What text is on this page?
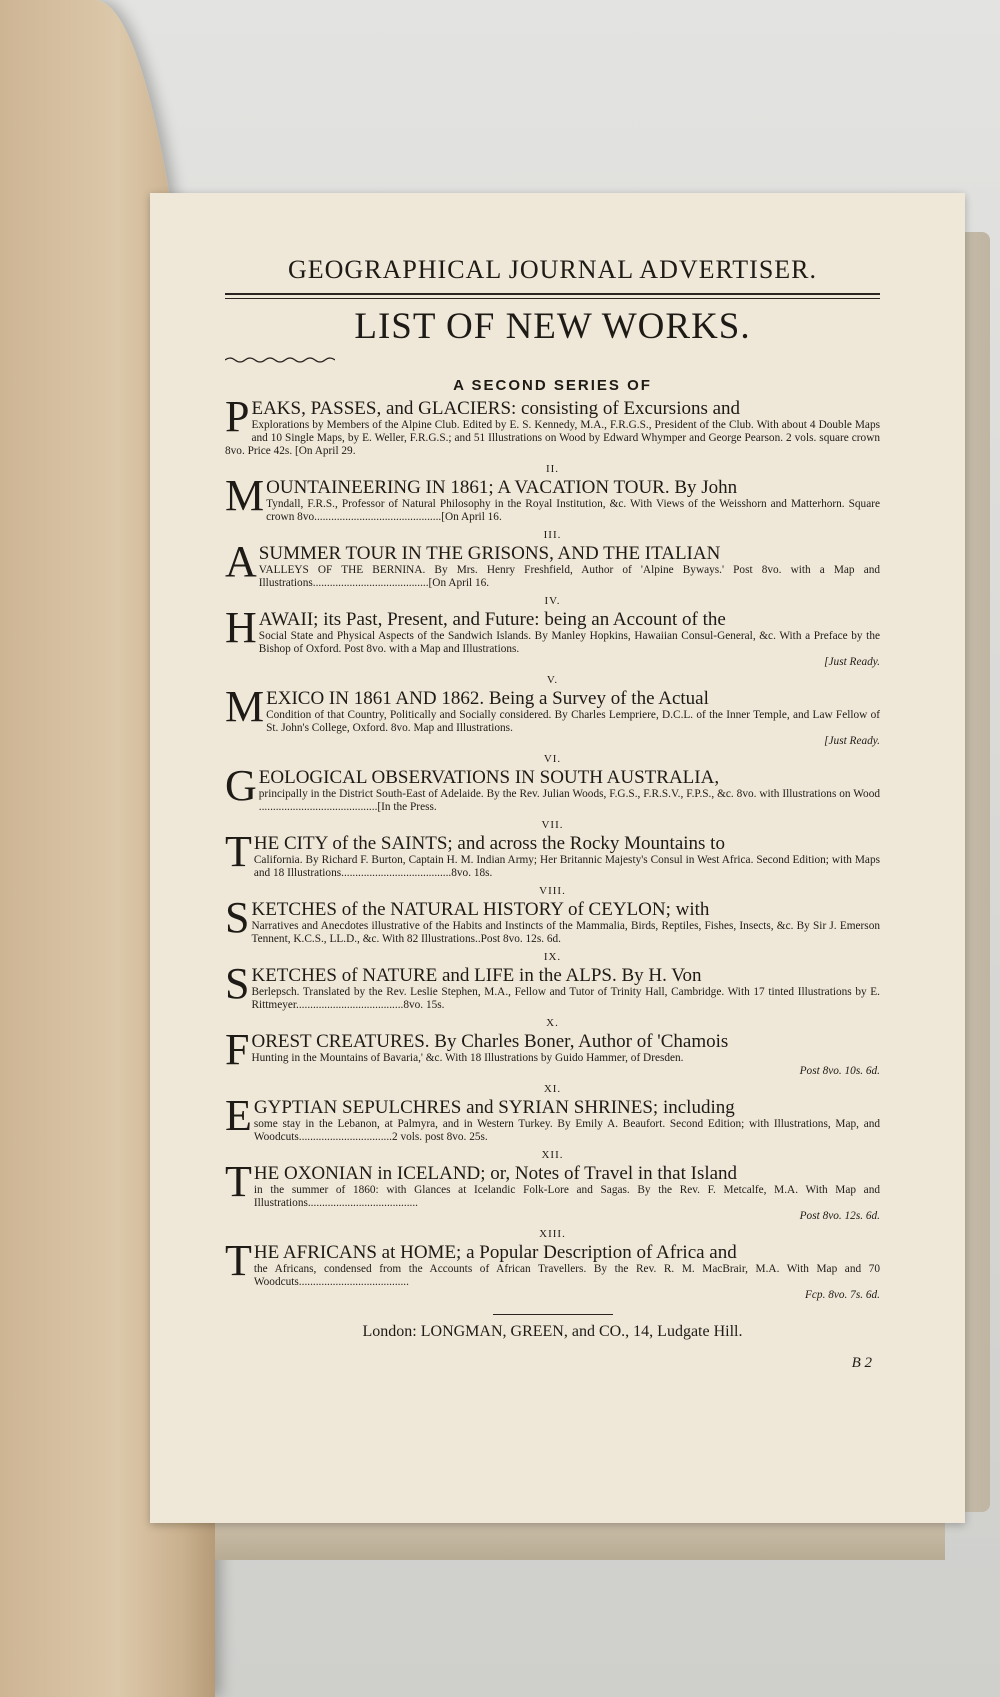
GEOGRAPHICAL JOURNAL ADVERTISER.

LIST OF NEW WORKS.

A SECOND SERIES OF

PEAKS, PASSES, and GLACIERS: consisting of Excursions and

Explorations by Members of the Alpine Club. Edited by E. S. Kennedy, M.A., F.R.G.S., President of the Club. With about 4 Double Maps and 10 Single Maps, by E. Weller, F.R.G.S.; and 51 Illustrations on Wood by Edward Whymper and George Pearson. 2 vols. square crown 8vo. Price 42s. [On April 29.

II.

MOUNTAINEERING IN 1861; A VACATION TOUR. By John

Tyndall, F.R.S., Professor of Natural Philosophy in the Royal Institution, &c. With Views of the Weisshorn and Matterhorn. Square crown 8vo.............................................[On April 16.

III.

A SUMMER TOUR IN THE GRISONS, AND THE ITALIAN

VALLEYS OF THE BERNINA. By Mrs. Henry Freshfield, Author of 'Alpine Byways.' Post 8vo. with a Map and Illustrations.........................................[On April 16.

IV.

HAWAII; its Past, Present, and Future: being an Account of the

Social State and Physical Aspects of the Sandwich Islands. By Manley Hopkins, Hawaiian Consul-General, &c. With a Preface by the Bishop of Oxford. Post 8vo. with a Map and Illustrations.

[Just Ready.

V.

MEXICO IN 1861 AND 1862. Being a Survey of the Actual

Condition of that Country, Politically and Socially considered. By Charles Lempriere, D.C.L. of the Inner Temple, and Law Fellow of St. John's College, Oxford. 8vo. Map and Illustrations.

[Just Ready.

VI.

GEOLOGICAL OBSERVATIONS IN SOUTH AUSTRALIA,

principally in the District South-East of Adelaide. By the Rev. Julian Woods, F.G.S., F.R.S.V., F.P.S., &c. 8vo. with Illustrations on Wood ..........................................[In the Press.

VII.

THE CITY of the SAINTS; and across the Rocky Mountains to

California. By Richard F. Burton, Captain H. M. Indian Army; Her Britannic Majesty's Consul in West Africa. Second Edition; with Maps and 18 Illustrations.......................................8vo. 18s.

VIII.

SKETCHES of the NATURAL HISTORY of CEYLON; with

Narratives and Anecdotes illustrative of the Habits and Instincts of the Mammalia, Birds, Reptiles, Fishes, Insects, &c. By Sir J. Emerson Tennent, K.C.S., LL.D., &c. With 82 Illustrations..Post 8vo. 12s. 6d.

IX.

SKETCHES of NATURE and LIFE in the ALPS. By H. Von

Berlepsch. Translated by the Rev. Leslie Stephen, M.A., Fellow and Tutor of Trinity Hall, Cambridge. With 17 tinted Illustrations by E. Rittmeyer......................................8vo. 15s.

X.

FOREST CREATURES. By Charles Boner, Author of 'Chamois

Hunting in the Mountains of Bavaria,' &c. With 18 Illustrations by Guido Hammer, of Dresden.

Post 8vo. 10s. 6d.

XI.

EGYPTIAN SEPULCHRES and SYRIAN SHRINES; including

some stay in the Lebanon, at Palmyra, and in Western Turkey. By Emily A. Beaufort. Second Edition; with Illustrations, Map, and Woodcuts.................................2 vols. post 8vo. 25s.

XII.

THE OXONIAN in ICELAND; or, Notes of Travel in that Island

in the summer of 1860: with Glances at Icelandic Folk-Lore and Sagas. By the Rev. F. Metcalfe, M.A. With Map and Illustrations.......................................

Post 8vo. 12s. 6d.

XIII.

THE AFRICANS at HOME; a Popular Description of Africa and

the Africans, condensed from the Accounts of African Travellers. By the Rev. R. M. MacBrair, M.A. With Map and 70 Woodcuts.......................................

Fcp. 8vo. 7s. 6d.

London: LONGMAN, GREEN, and CO., 14, Ludgate Hill.

B 2
